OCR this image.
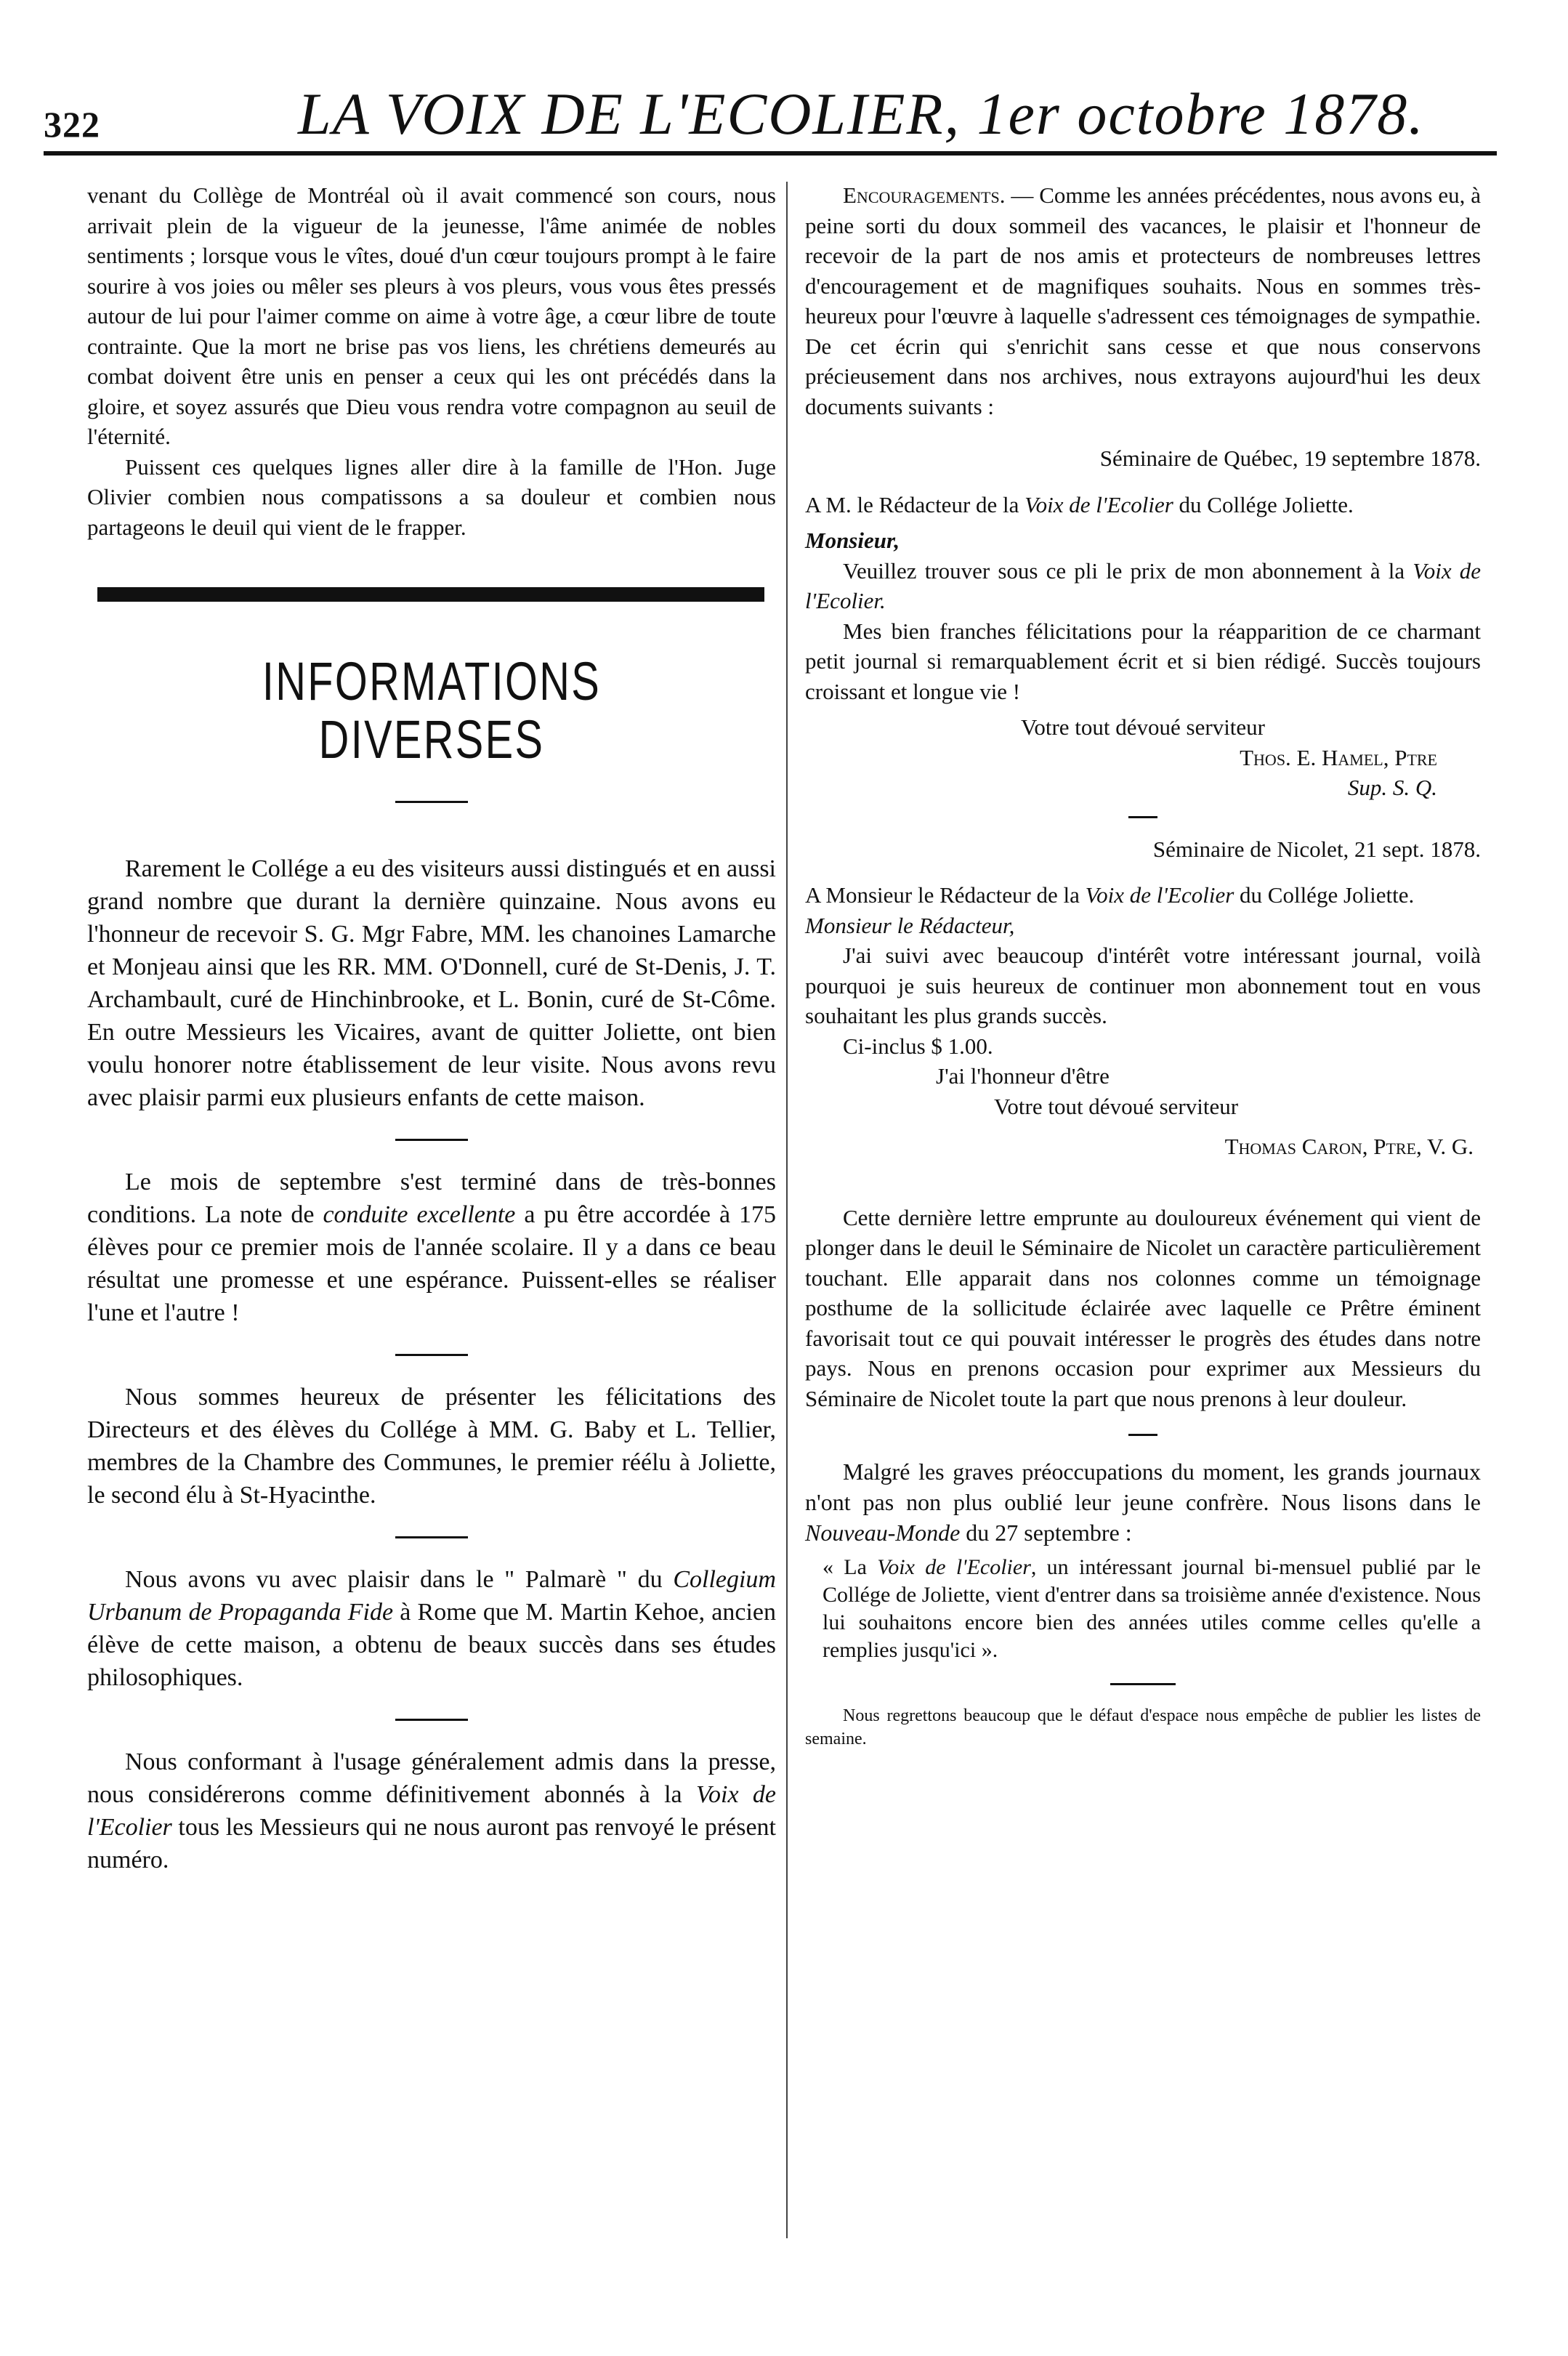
322	LA VOIX DE L'ECOLIER, 1er octobre 1878.

venant du Collège de Montréal où il avait commencé son cours, nous arrivait plein de la vigueur de la jeunesse, l'âme animée de nobles sentiments ; lorsque vous le vîtes, doué d'un cœur toujours prompt à le faire sourire à vos joies ou mêler ses pleurs à vos pleurs, vous vous êtes pressés autour de lui pour l'aimer comme on aime à votre âge, a cœur libre de toute contrainte. Que la mort ne brise pas vos liens, les chrétiens demeurés au combat doivent être unis en penser a ceux qui les ont précédés dans la gloire, et soyez assurés que Dieu vous rendra votre compagnon au seuil de l'éternité.

Puissent ces quelques lignes aller dire à la famille de l'Hon. Juge Olivier combien nous compatissons a sa douleur et combien nous partageons le deuil qui vient de le frapper.

INFORMATIONS DIVERSES

Rarement le Collége a eu des visiteurs aussi distingués et en aussi grand nombre que durant la dernière quinzaine. Nous avons eu l'honneur de recevoir S. G. Mgr Fabre, MM. les chanoines Lamarche et Monjeau ainsi que les RR. MM. O'Donnell, curé de St-Denis, J. T. Archambault, curé de Hinchinbrooke, et L. Bonin, curé de St-Côme. En outre Messieurs les Vicaires, avant de quitter Joliette, ont bien voulu honorer notre établissement de leur visite. Nous avons revu avec plaisir parmi eux plusieurs enfants de cette maison.

Le mois de septembre s'est terminé dans de très-bonnes conditions. La note de conduite excellente a pu être accordée à 175 élèves pour ce premier mois de l'année scolaire. Il y a dans ce beau résultat une promesse et une espérance. Puissent-elles se réaliser l'une et l'autre !

Nous sommes heureux de présenter les félicitations des Directeurs et des élèves du Collége à MM. G. Baby et L. Tellier, membres de la Chambre des Communes, le premier réélu à Joliette, le second élu à St-Hyacinthe.

Nous avons vu avec plaisir dans le " Palmarè " du Collegium Urbanum de Propaganda Fide à Rome que M. Martin Kehoe, ancien élève de cette maison, a obtenu de beaux succès dans ses études philosophiques.

Nous conformant à l'usage généralement admis dans la presse, nous considérerons comme définitivement abonnés à la Voix de l'Ecolier tous les Messieurs qui ne nous auront pas renvoyé le présent numéro.

Encouragements. — Comme les années précédentes, nous avons eu, à peine sorti du doux sommeil des vacances, le plaisir et l'honneur de recevoir de la part de nos amis et protecteurs de nombreuses lettres d'encouragement et de magnifiques souhaits. Nous en sommes très-heureux pour l'œuvre à laquelle s'adressent ces témoignages de sympathie. De cet écrin qui s'enrichit sans cesse et que nous conservons précieusement dans nos archives, nous extrayons aujourd'hui les deux documents suivants :

Séminaire de Québec, 19 septembre 1878.

A M. le Rédacteur de la Voix de l'Ecolier du Collége Joliette.

Monsieur,

Veuillez trouver sous ce pli le prix de mon abonnement à la Voix de l'Ecolier.

Mes bien franches félicitations pour la réapparition de ce charmant petit journal si remarquablement écrit et si bien rédigé. Succès toujours croissant et longue vie !

Votre tout dévoué serviteur

Thos. E. Hamel, Ptre

Sup. S. Q.

Séminaire de Nicolet, 21 sept. 1878.

A Monsieur le Rédacteur de la Voix de l'Ecolier du Collége Joliette.

Monsieur le Rédacteur,

J'ai suivi avec beaucoup d'intérêt votre intéressant journal, voilà pourquoi je suis heureux de continuer mon abonnement tout en vous souhaitant les plus grands succès.

Ci-inclus $ 1.00.

J'ai l'honneur d'être

Votre tout dévoué serviteur

Thomas Caron, Ptre, V. G.

Cette dernière lettre emprunte au douloureux événement qui vient de plonger dans le deuil le Séminaire de Nicolet un caractère particulièrement touchant. Elle apparait dans nos colonnes comme un témoignage posthume de la sollicitude éclairée avec laquelle ce Prêtre éminent favorisait tout ce qui pouvait intéresser le progrès des études dans notre pays. Nous en prenons occasion pour exprimer aux Messieurs du Séminaire de Nicolet toute la part que nous prenons à leur douleur.

Malgré les graves préoccupations du moment, les grands journaux n'ont pas non plus oublié leur jeune confrère. Nous lisons dans le Nouveau-Monde du 27 septembre :

« La Voix de l'Ecolier, un intéressant journal bi-mensuel publié par le Collége de Joliette, vient d'entrer dans sa troisième année d'existence. Nous lui souhaitons encore bien des années utiles comme celles qu'elle a remplies jusqu'ici ».

Nous regrettons beaucoup que le défaut d'espace nous empêche de publier les listes de semaine.
